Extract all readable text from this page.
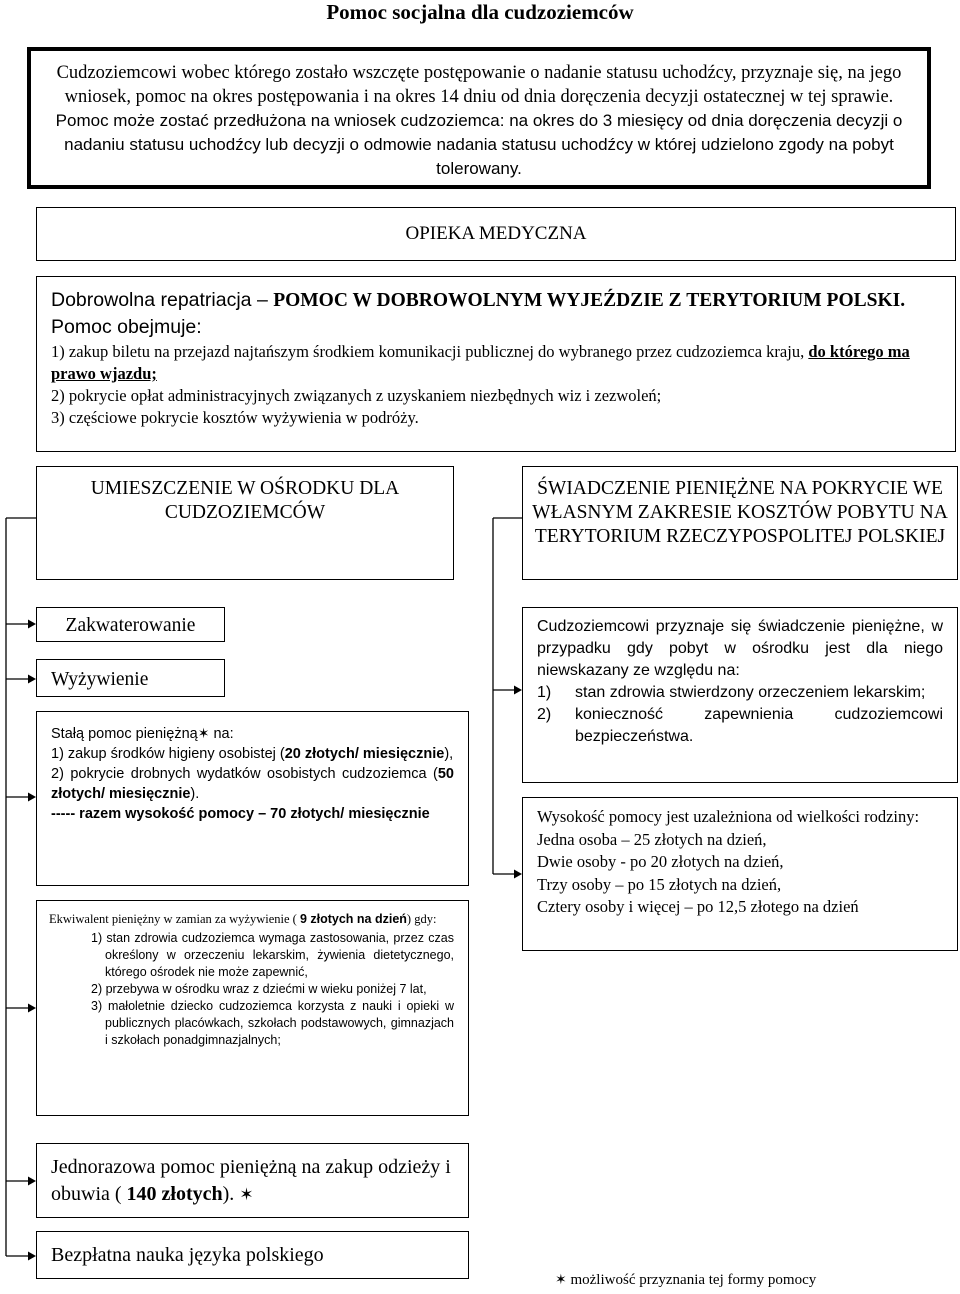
Pomoc socjalna dla cudzoziemców
Cudzoziemcowi wobec którego zostało wszczęte postępowanie o nadanie statusu uchodźcy, przyznaje się, na jego wniosek, pomoc na okres postępowania i na okres 14 dniu od dnia doręczenia decyzji ostatecznej w tej sprawie. Pomoc może zostać przedłużona na wniosek cudzoziemca: na okres do 3 miesięcy od dnia doręczenia decyzji o nadaniu statusu uchodźcy lub decyzji o odmowie nadania statusu uchodźcy w której udzielono zgody na pobyt tolerowany.
OPIEKA MEDYCZNA
Dobrowolna repatriacja – POMOC W DOBROWOLNYM WYJEŹDZIE Z TERYTORIUM POLSKI. Pomoc obejmuje:
1) zakup biletu na przejazd najtańszym środkiem komunikacji publicznej do wybranego przez cudzoziemca kraju, do którego ma prawo wjazdu;
2) pokrycie opłat administracyjnych związanych z uzyskaniem niezbędnych wiz i zezwoleń;
3) częściowe pokrycie kosztów wyżywienia w podróży.
UMIESZCZENIE W OŚRODKU DLA CUDZOZIEMCÓW
ŚWIADCZENIE PIENIĘŻNE NA POKRYCIE WE WŁASNYM ZAKRESIE KOSZTÓW POBYTU NA TERYTORIUM RZECZYPOSPOLITEJ POLSKIEJ
Zakwaterowanie
Wyżywienie
Stałą pomoc pieniężną✶ na:
1) zakup środków higieny osobistej (20 złotych/ miesięcznie),
2) pokrycie drobnych wydatków osobistych cudzoziemca (50 złotych/ miesięcznie).
----- razem wysokość pomocy – 70 złotych/ miesięcznie
Ekwiwalent pieniężny w zamian za wyżywienie ( 9 złotych na dzień) gdy:
1) stan zdrowia cudzoziemca wymaga zastosowania, przez czas określony w orzeczeniu lekarskim, żywienia dietetycznego, którego ośrodek nie może zapewnić,
2) przebywa w ośrodku wraz z dziećmi w wieku poniżej 7 lat,
3) małoletnie dziecko cudzoziemca korzysta z nauki i opieki w publicznych placówkach, szkołach podstawowych, gimnazjach i szkołach ponadgimnazjalnych;
Jednorazowa pomoc pieniężną na zakup odzieży i obuwia ( 140 złotych). ✶
Bezpłatna nauka języka polskiego
Cudzoziemcowi przyznaje się świadczenie pieniężne, w przypadku gdy pobyt w ośrodku jest dla niego niewskazany ze względu na:
1) stan zdrowia stwierdzony orzeczeniem lekarskim;
2) konieczność zapewnienia cudzoziemcowi bezpieczeństwa.
Wysokość pomocy jest uzależniona od wielkości rodziny:
Jedna osoba – 25 złotych na dzień,
Dwie osoby - po 20 złotych na dzień,
Trzy osoby – po 15 złotych na dzień,
Cztery osoby i więcej – po 12,5 złotego na dzień
✶ możliwość przyznania tej formy pomocy
